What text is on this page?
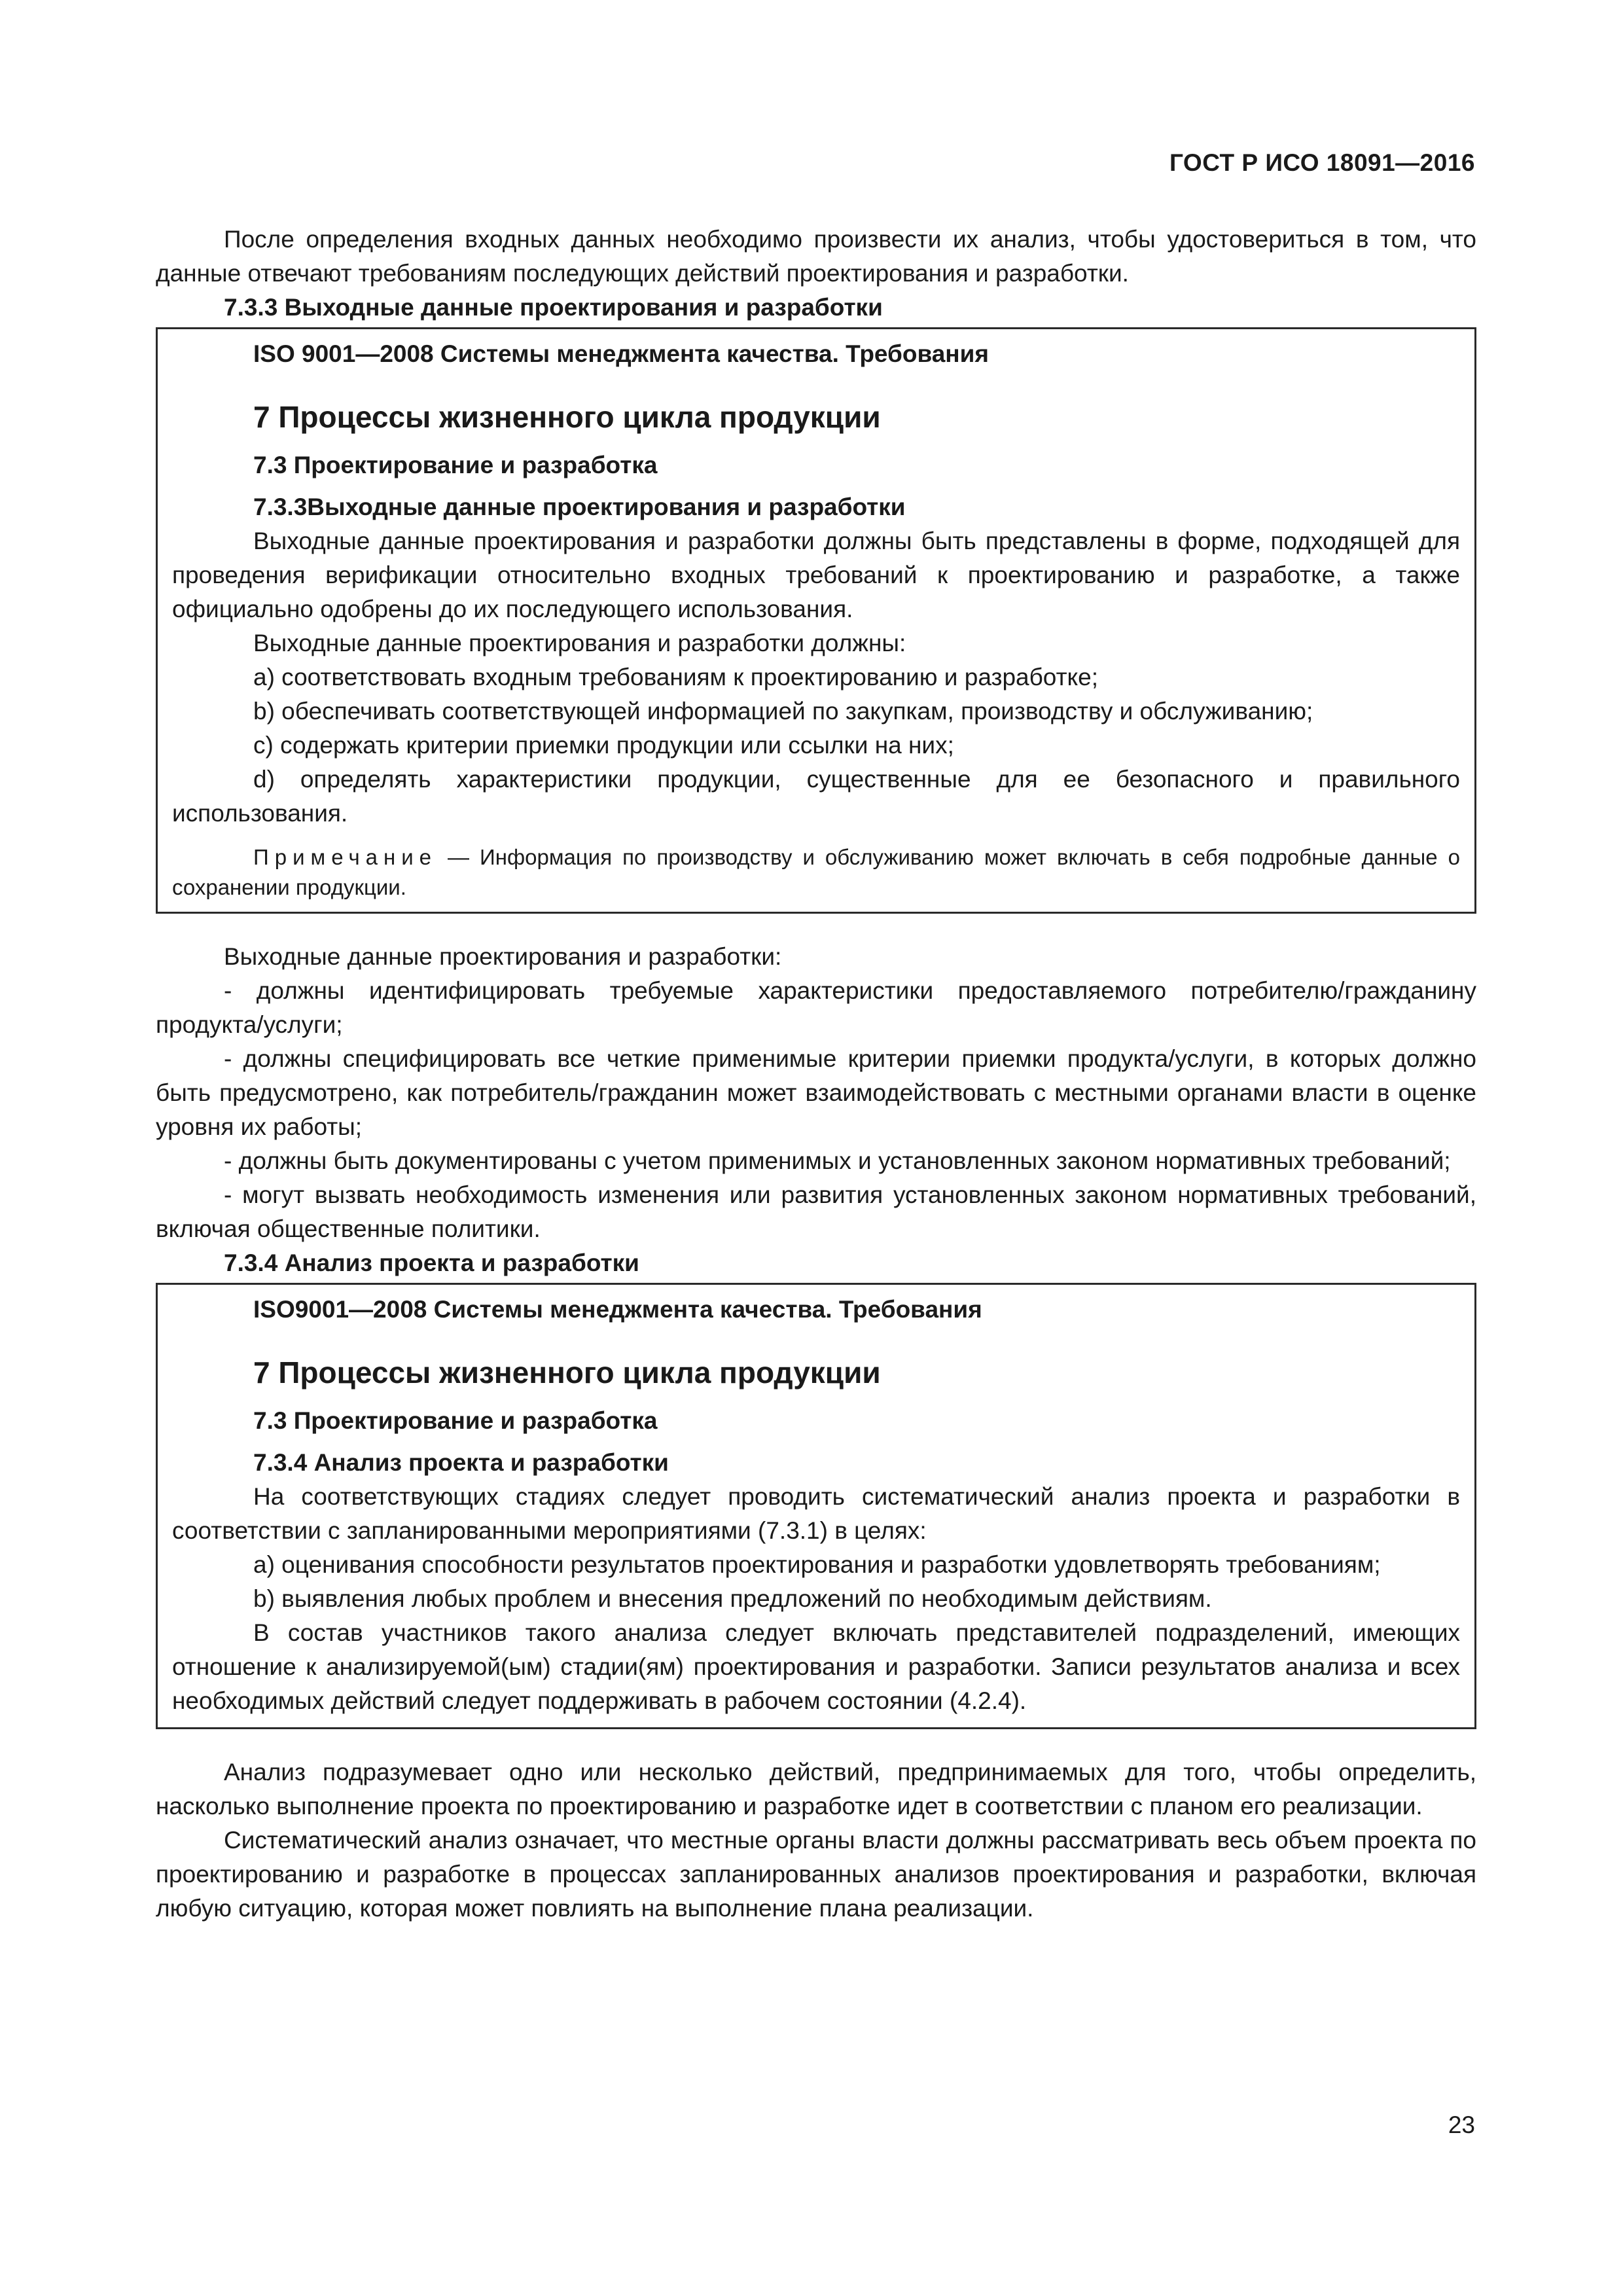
ГОСТ Р ИСО 18091—2016

После определения входных данных необходимо произвести их анализ, чтобы удостовериться в том, что данные отвечают требованиям последующих действий проектирования и разработки.

7.3.3 Выходные данные проектирования и разработки

ISO 9001—2008 Системы менеджмента качества. Требования

7 Процессы жизненного цикла продукции

7.3 Проектирование и разработка

7.3.3Выходные данные проектирования и разработки

Выходные данные проектирования и разработки должны быть представлены в форме, подходящей для проведения верификации относительно входных требований к проектированию и разработке, а также официально одобрены до их последующего использования.

Выходные данные проектирования и разработки должны:

a) соответствовать входным требованиям к проектированию и разработке;

b) обеспечивать соответствующей информацией по закупкам, производству и обслуживанию;

c) содержать критерии приемки продукции или ссылки на них;

d) определять характеристики продукции, существенные для ее безопасного и правильного использования.

Примечание — Информация по производству и обслуживанию может включать в себя подробные данные о сохранении продукции.

Выходные данные проектирования и разработки:

- должны идентифицировать требуемые характеристики предоставляемого потребителю/гражданину продукта/услуги;

- должны специфицировать все четкие применимые критерии приемки продукта/услуги, в которых должно быть предусмотрено, как потребитель/гражданин может взаимодействовать с местными органами власти в оценке уровня их работы;

- должны быть документированы с учетом применимых и установленных законом нормативных требований;

- могут вызвать необходимость изменения или развития установленных законом нормативных требований, включая общественные политики.

7.3.4 Анализ проекта и разработки

ISO9001—2008 Системы менеджмента качества. Требования

7 Процессы жизненного цикла продукции

7.3 Проектирование и разработка

7.3.4 Анализ проекта и разработки

На соответствующих стадиях следует проводить систематический анализ проекта и разработки в соответствии с запланированными мероприятиями (7.3.1) в целях:

a) оценивания способности результатов проектирования и разработки удовлетворять требованиям;

b) выявления любых проблем и внесения предложений по необходимым действиям.

В состав участников такого анализа следует включать представителей подразделений, имеющих отношение к анализируемой(ым) стадии(ям) проектирования и разработки. Записи результатов анализа и всех необходимых действий следует поддерживать в рабочем состоянии (4.2.4).

Анализ подразумевает одно или несколько действий, предпринимаемых для того, чтобы определить, насколько выполнение проекта по проектированию и разработке идет в соответствии с планом его реализации.

Систематический анализ означает, что местные органы власти должны рассматривать весь объем проекта по проектированию и разработке в процессах запланированных анализов проектирования и разработки, включая любую ситуацию, которая может повлиять на выполнение плана реализации.

23
